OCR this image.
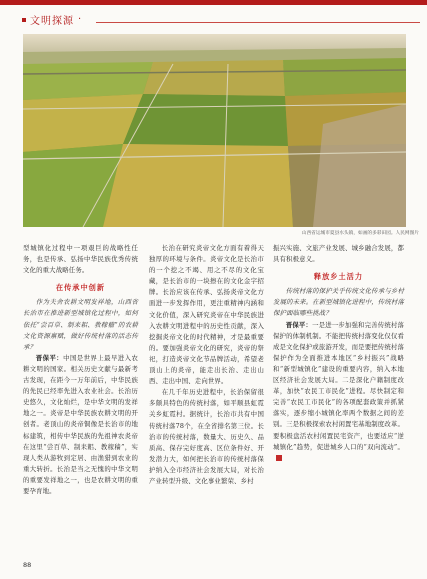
文明探源 ·
山西省运城市夏县水头镇，如画的多彩田园。人民网图片

型城镇化过程中一项艰巨的战略性任务，也是传承、弘扬中华民族优秀传统文化的重大战略任务。

在传承中创新

作为夫舍农耕文明发祥地，山西省长治市在推进新型城镇化过程中，如何依托“尝百草、制耒耜、教稼穑”的农耕文化资源禀赋，做好传统村落的活态传承？

晋保平：中国是世界上最早进入农耕文明的国家。相关历史文献与最新考古发现，在距今一万年前后，中华民族的先民已经率先进入农业社会。长治历史悠久，文化灿烂，是中华文明的发祥地之一。炎帝是中华民族农耕文明的开创者。老顶山的炎帝铜像是长治市的地标建筑，相传中华民族的先祖神农炎帝在这里“尝百草、制耒耜、教稼穑”，实现人类从游牧到定居、由渔猎到农业的重大转折。长治是当之无愧的中华文明的重要发祥地之一，也是农耕文明的重要孕育地。

长治在研究炎帝文化方面有着得天独厚的环境与条件。炎帝文化是长治市的一个挖之不竭、用之不尽的文化宝藏，是长治市的一块擦在的文化金字招牌。长治应该在传承、弘扬炎帝文化方面进一步发挥作用，更注重精神内涵和文化价值，深入研究炎帝在中华民族进入农耕文明进程中的历史性贡献，深入挖掘炎帝文化的时代精神，才是最重要的。要加强炎帝文化的研究，炎帝的祭祀，打造炎帝文化节品牌活动，希望老顶山上的炎帝，能走出长治、走出山西、走出中国、走向世界。

在几千年历史进程中，长治保留很多颇具特色的传统村落，如平顺县虹霓关乡虹霓村。据统计，长治市共有中国传统村落78个，在全省排名第三位。长治市的传统村落，数量大、历史久、品质高、保存完好度高、区位条件好、开发潜力大，如何把长治市的传统村落保护纳入全市经济社会发展大局，对长治产业转型升级、文化事业繁荣、乡村

振兴实施、文旅产业发展、城乡融合发展，都具有积极意义。

释放乡土活力

传统村落的保护关乎传统文化传承与乡村发展的未来。在新型城镇化进程中，传统村落保护面临哪些挑战？

晋保平：一是进一步加强和完善传统村落保护的体制机制。不能把传统村落变化仅仅看成是文化保护或旅游开发，而是要把传统村落保护作为全面推进本地区“乡村振兴”战略和“新型城镇化”建设的重要内容，纳入本地区经济社会发展大局。二是深化户籍制度改革，加快“农民工市民化”进程。尽快制定和完善“农民工市民化”的各项配套政策并抓紧落实，逐步缩小城镇化率两个数据之间的差别。三是积极探索农村闲置宅基地制度改革。要积极盘活农村闲置民宅资产，也要适应“逆城镇化”趋势，促进城乡人口的“双向流动”。

88
